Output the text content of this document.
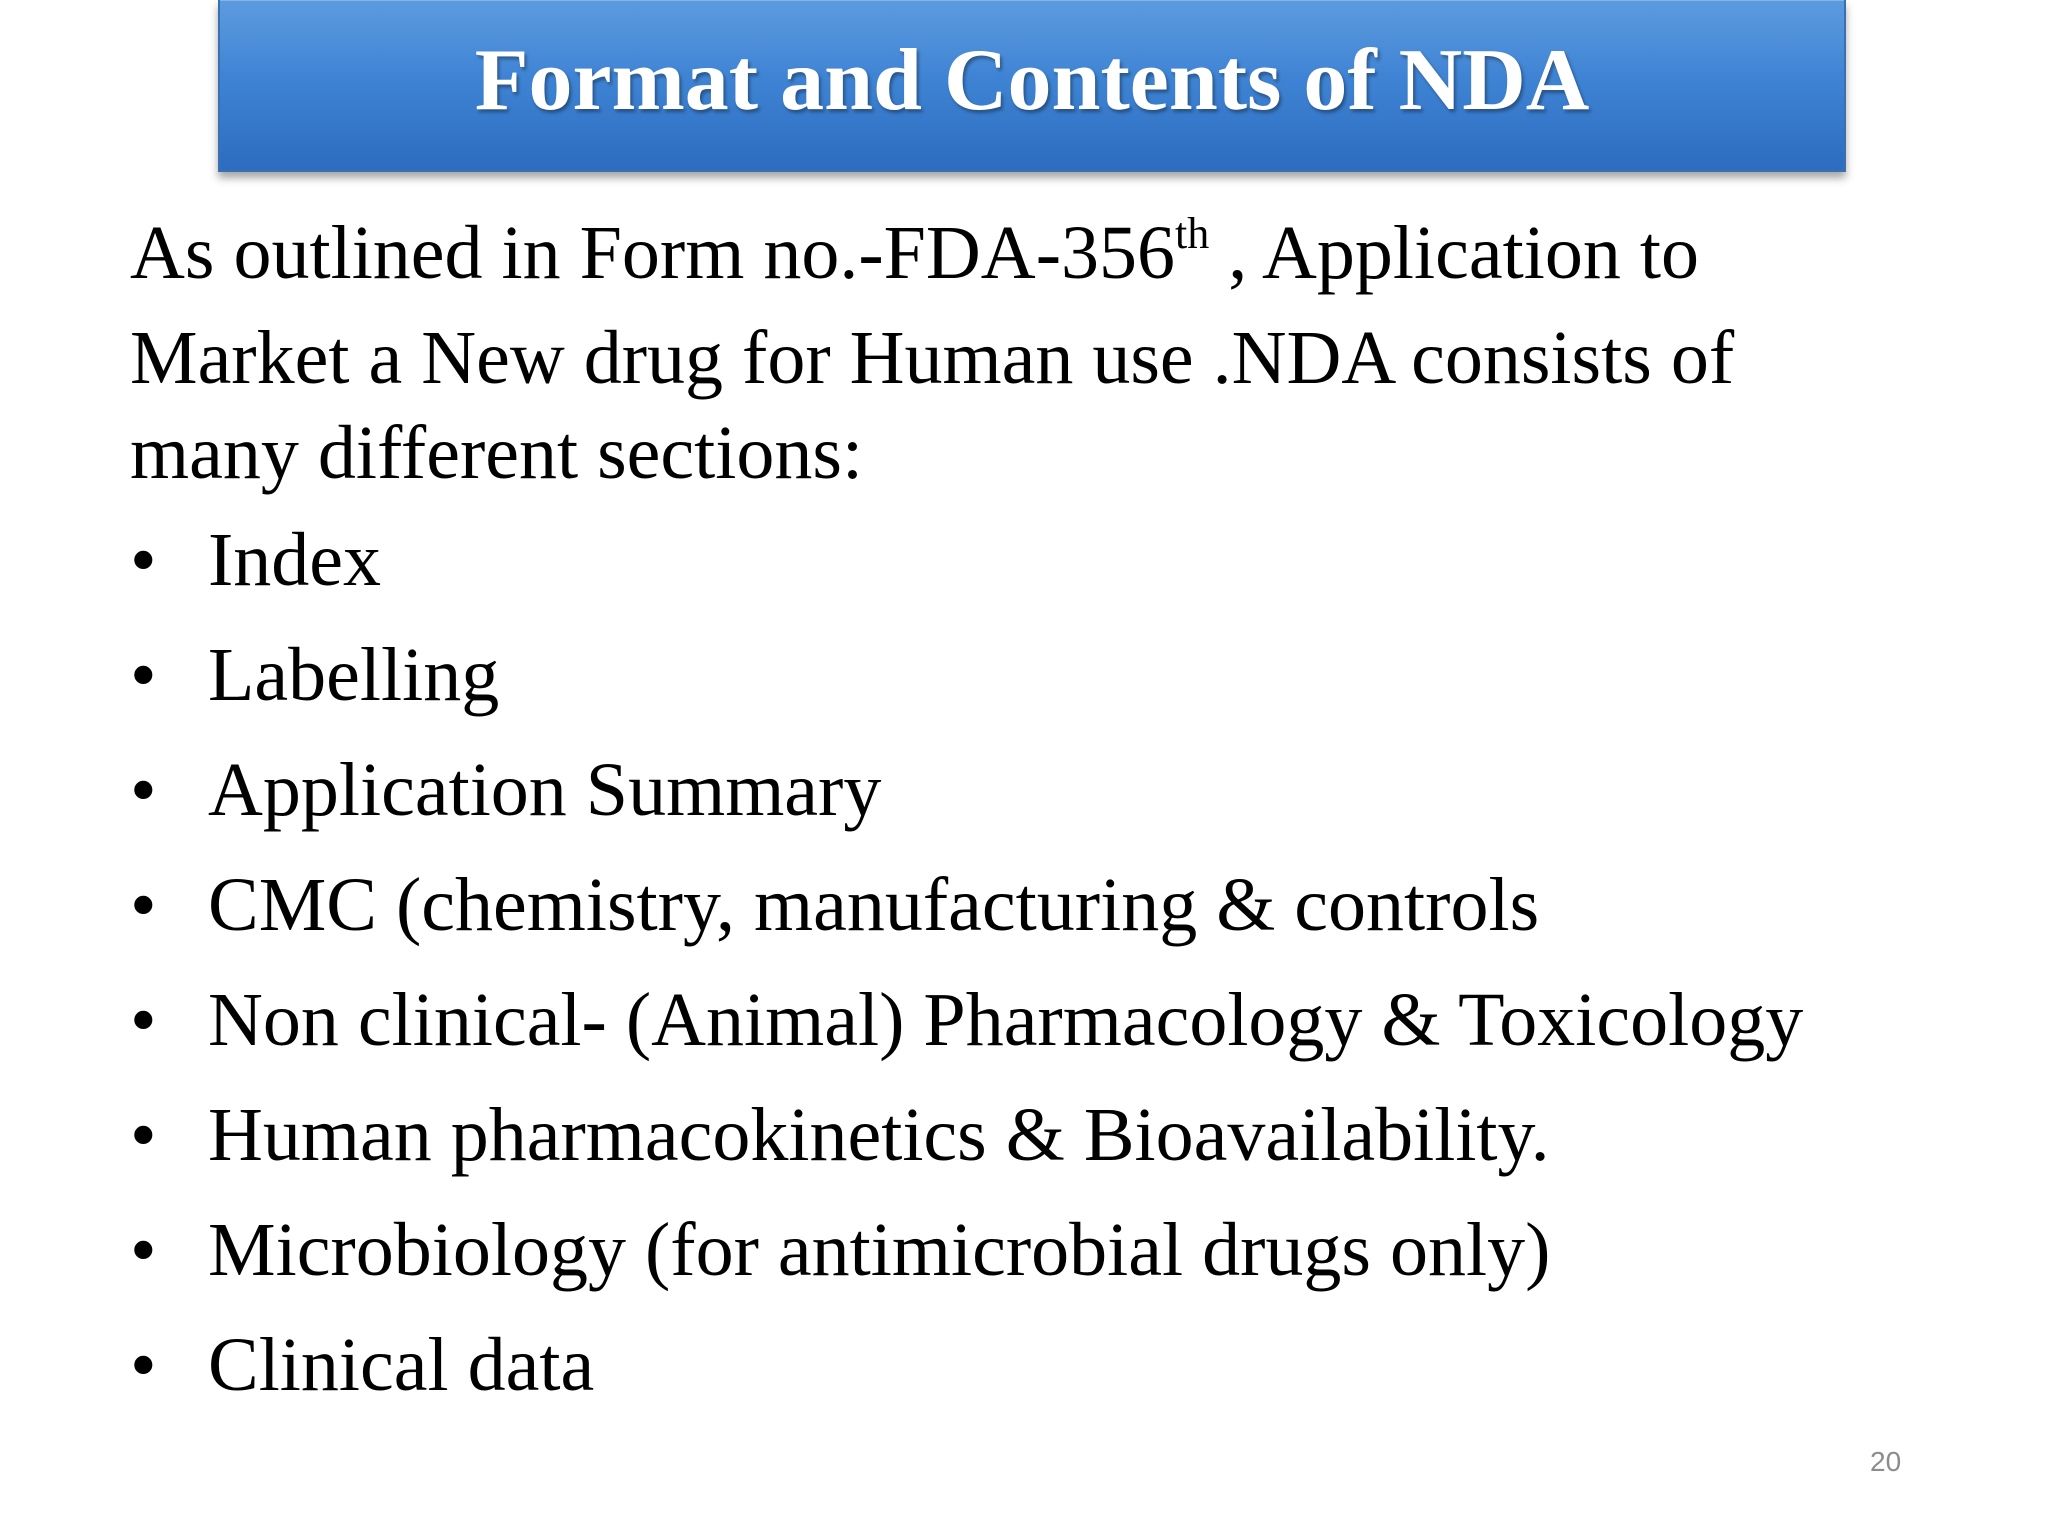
Format and Contents of NDA
As outlined in Form no.-FDA-356th , Application to Market a New drug for Human use .NDA consists of many different sections:
• Index
• Labelling
• Application Summary
• CMC (chemistry, manufacturing & controls
• Non clinical- (Animal) Pharmacology & Toxicology
• Human pharmacokinetics & Bioavailability.
• Microbiology (for antimicrobial drugs only)
• Clinical data
20
